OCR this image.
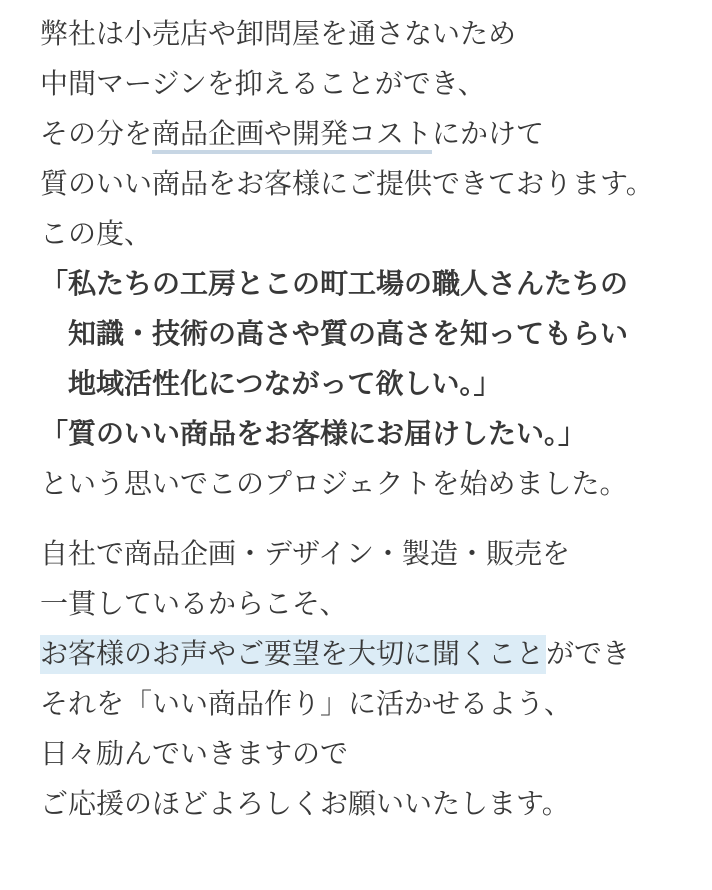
弊社は小売店や卸問屋を通さないため
中間マージンを抑えることができ、
その分を商品企画や開発コストにかけて
質のいい商品をお客様にご提供できております。
この度、
「私たちの工房とこの町工場の職人さんたちの
知識・技術の高さや質の高さを知ってもらい
地域活性化につながって欲しい。」
「質のいい商品をお客様にお届けしたい。」
という思いでこのプロジェクトを始めました。
自社で商品企画・デザイン・製造・販売を
一貫しているからこそ、
お客様のお声やご要望を大切に聞くことができ
それを「いい商品作り」に活かせるよう、
日々励んでいきますので
ご応援のほどよろしくお願いいたします。
